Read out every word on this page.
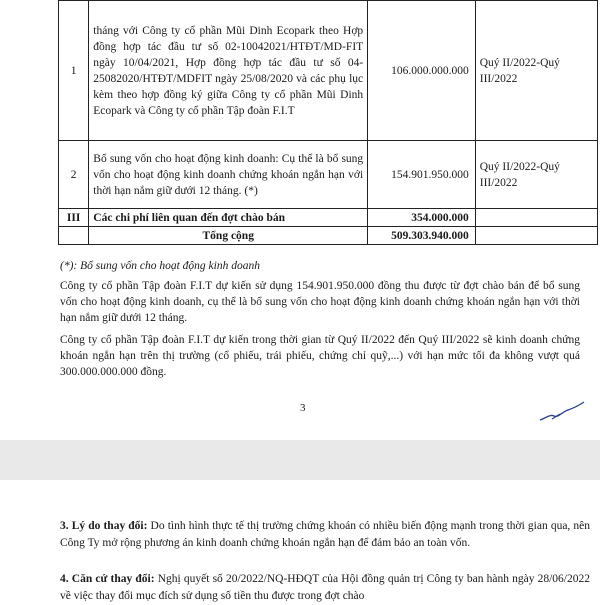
1	tháng với Công ty cổ phần Mũi Dinh Ecopark theo Hợp đồng hợp tác đầu tư số 02-10042021/HTĐT/MD-FIT ngày 10/04/2021, Hợp đồng hợp tác đầu tư số 04-25082020/HTĐT/MDFIT ngày 25/08/2020 và các phụ lục kèm theo hợp đồng ký giữa Công ty cổ phần Mũi Dinh Ecopark và Công ty cổ phần Tập đoàn F.I.T	106.000.000.000	Quý II/2022-Quý III/2022
2	Bổ sung vốn cho hoạt động kinh doanh: Cụ thể là bổ sung vốn cho hoạt động kinh doanh chứng khoán ngắn hạn với thời hạn nắm giữ dưới 12 tháng. (*)	154.901.950.000	Quý II/2022-Quý III/2022
III	Các chi phí liên quan đến đợt chào bán	354.000.000	
	Tổng cộng	509.303.940.000	
(*): Bổ sung vốn cho hoạt động kinh doanh
Công ty cổ phần Tập đoàn F.I.T dự kiến sử dụng 154.901.950.000 đồng thu được từ đợt chào bán để bổ sung vốn cho hoạt động kinh doanh, cụ thể là bổ sung vốn cho hoạt động kinh doanh chứng khoán ngắn hạn với thời hạn nắm giữ dưới 12 tháng.
Công ty cổ phần Tập đoàn F.I.T dự kiến trong thời gian từ Quý II/2022 đến Quý III/2022 sẽ kinh doanh chứng khoán ngắn hạn trên thị trường (cổ phiếu, trái phiếu, chứng chỉ quỹ,...) với hạn mức tối đa không vượt quá 300.000.000.000 đồng.
3
3. Lý do thay đổi: Do tình hình thực tế thị trường chứng khoán có nhiều biến động mạnh trong thời gian qua, nên Công Ty mở rộng phương án kinh doanh chứng khoán ngắn hạn để đảm bảo an toàn vốn.
4. Căn cứ thay đổi: Nghị quyết số 20/2022/NQ-HĐQT của Hội đồng quản trị Công ty ban hành ngày 28/06/2022 về việc thay đổi mục đích sử dụng số tiền thu được trong đợt chào
